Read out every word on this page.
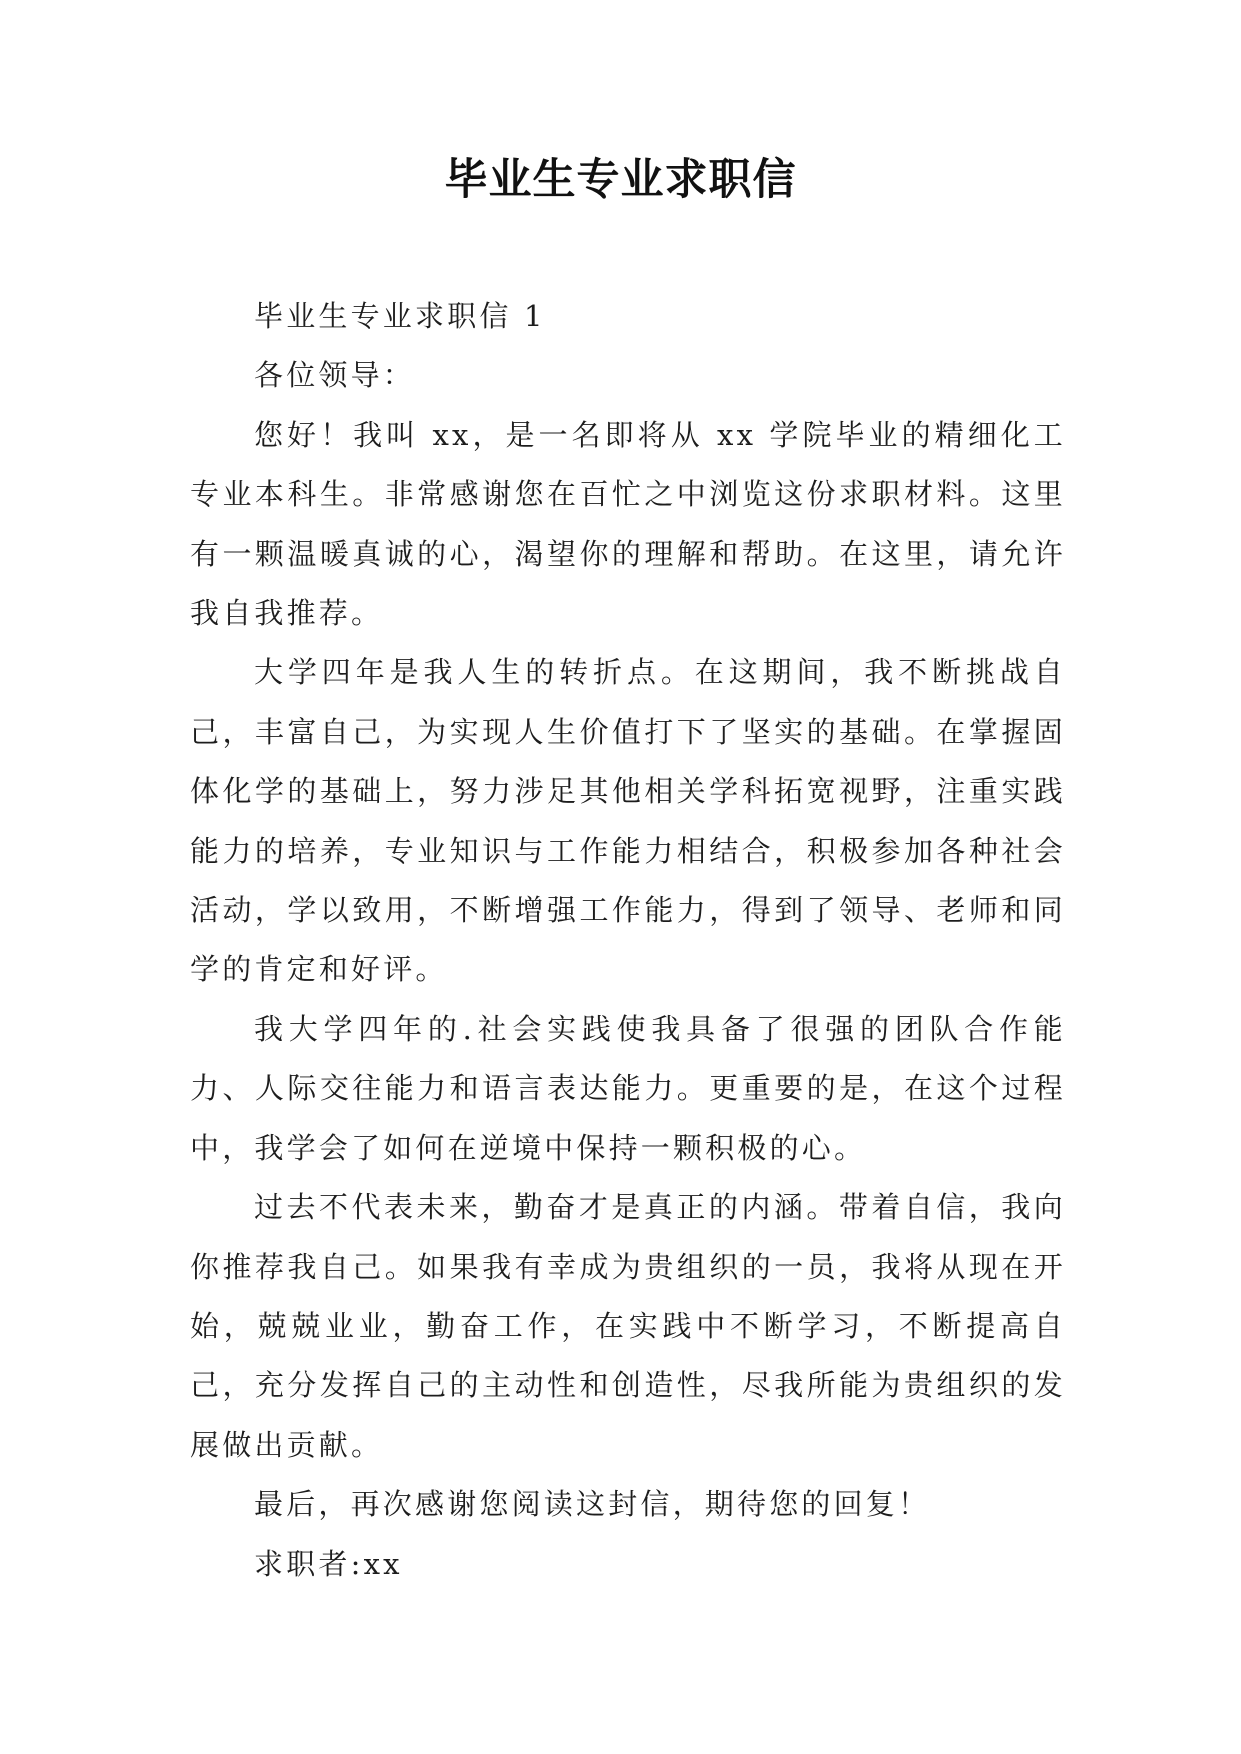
毕业生专业求职信

毕业生专业求职信 1

各位领导：

您好！我叫 xx，是一名即将从 xx 学院毕业的精细化工专业本科生。非常感谢您在百忙之中浏览这份求职材料。这里有一颗温暖真诚的心，渴望你的理解和帮助。在这里，请允许我自我推荐。

大学四年是我人生的转折点。在这期间，我不断挑战自己，丰富自己，为实现人生价值打下了坚实的基础。在掌握固体化学的基础上，努力涉足其他相关学科拓宽视野，注重实践能力的培养，专业知识与工作能力相结合，积极参加各种社会活动，学以致用，不断增强工作能力，得到了领导、老师和同学的肯定和好评。

我大学四年的.社会实践使我具备了很强的团队合作能力、人际交往能力和语言表达能力。更重要的是，在这个过程中，我学会了如何在逆境中保持一颗积极的心。

过去不代表未来，勤奋才是真正的内涵。带着自信，我向你推荐我自己。如果我有幸成为贵组织的一员，我将从现在开始，兢兢业业，勤奋工作，在实践中不断学习，不断提高自己，充分发挥自己的主动性和创造性，尽我所能为贵组织的发展做出贡献。

最后，再次感谢您阅读这封信，期待您的回复！

求职者:xx
